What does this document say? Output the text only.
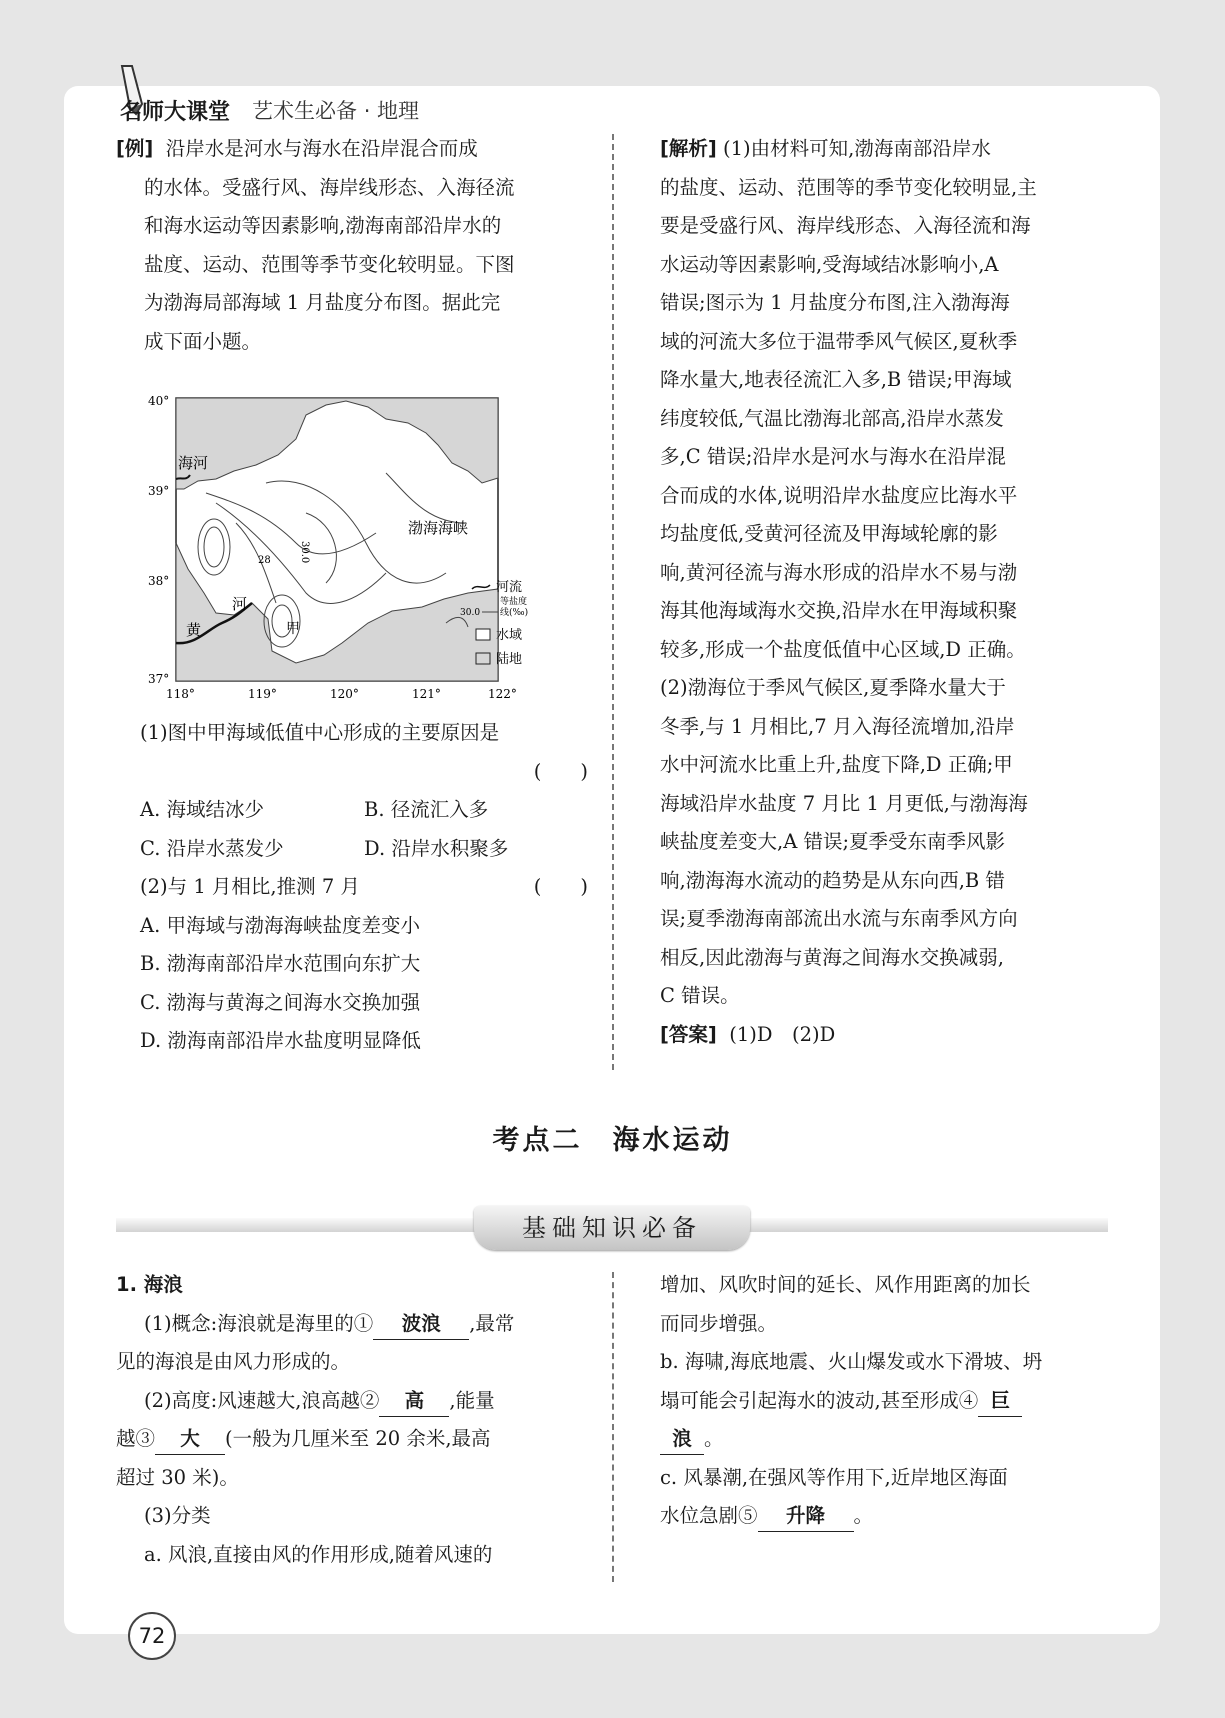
名师大课堂 艺术生必备 · 地理

[例] 沿岸水是河水与海水在沿岸混合而成

的水体。受盛行风、海岸线形态、入海径流

和海水运动等因素影响,渤海南部沿岸水的

盐度、运动、范围等季节变化较明显。下图

为渤海局部海域 1 月盐度分布图。据此完

成下面小题。

40°
39°
38°
37°
118°	119°	120°	121°	122°
海河
渤海海峡
河
黄	甲
30.0
28
河流
30.0
等盐度
线(‰)
水域
陆地

(1)图中甲海域低值中心形成的主要原因是

(　　)

A. 海域结冰少	B. 径流汇入多

C. 沿岸水蒸发少	D. 沿岸水积聚多

(2)与 1 月相比,推测 7 月	(　　)

A. 甲海域与渤海海峡盐度差变小

B. 渤海南部沿岸水范围向东扩大

C. 渤海与黄海之间海水交换加强

D. 渤海南部沿岸水盐度明显降低

[解析] (1)由材料可知,渤海南部沿岸水

的盐度、运动、范围等的季节变化较明显,主

要是受盛行风、海岸线形态、入海径流和海

水运动等因素影响,受海域结冰影响小,A

错误;图示为 1 月盐度分布图,注入渤海海

域的河流大多位于温带季风气候区,夏秋季

降水量大,地表径流汇入多,B 错误;甲海域

纬度较低,气温比渤海北部高,沿岸水蒸发

多,C 错误;沿岸水是河水与海水在沿岸混

合而成的水体,说明沿岸水盐度应比海水平

均盐度低,受黄河径流及甲海域轮廓的影

响,黄河径流与海水形成的沿岸水不易与渤

海其他海域海水交换,沿岸水在甲海域积聚

较多,形成一个盐度低值中心区域,D 正确。

(2)渤海位于季风气候区,夏季降水量大于

冬季,与 1 月相比,7 月入海径流增加,沿岸

水中河流水比重上升,盐度下降,D 正确;甲

海域沿岸水盐度 7 月比 1 月更低,与渤海海

峡盐度差变大,A 错误;夏季受东南季风影

响,渤海海水流动的趋势是从东向西,B 错

误;夏季渤海南部流出水流与东南季风方向

相反,因此渤海与黄海之间海水交换减弱,

C 错误。

[答案] (1)D　(2)D

考点二　海水运动
基础知识必备

1. 海浪

(1)概念:海浪就是海里的① 波浪 ,最常

见的海浪是由风力形成的。

(2)高度:风速越大,浪高越② 高 ,能量

越③ 大 (一般为几厘米至 20 余米,最高

超过 30 米)。

(3)分类

a. 风浪,直接由风的作用形成,随着风速的

增加、风吹时间的延长、风作用距离的加长

而同步增强。

b. 海啸,海底地震、火山爆发或水下滑坡、坍

塌可能会引起海水的波动,甚至形成④ 巨

浪 。

c. 风暴潮,在强风等作用下,近岸地区海面

水位急剧⑤ 升降 。

72
